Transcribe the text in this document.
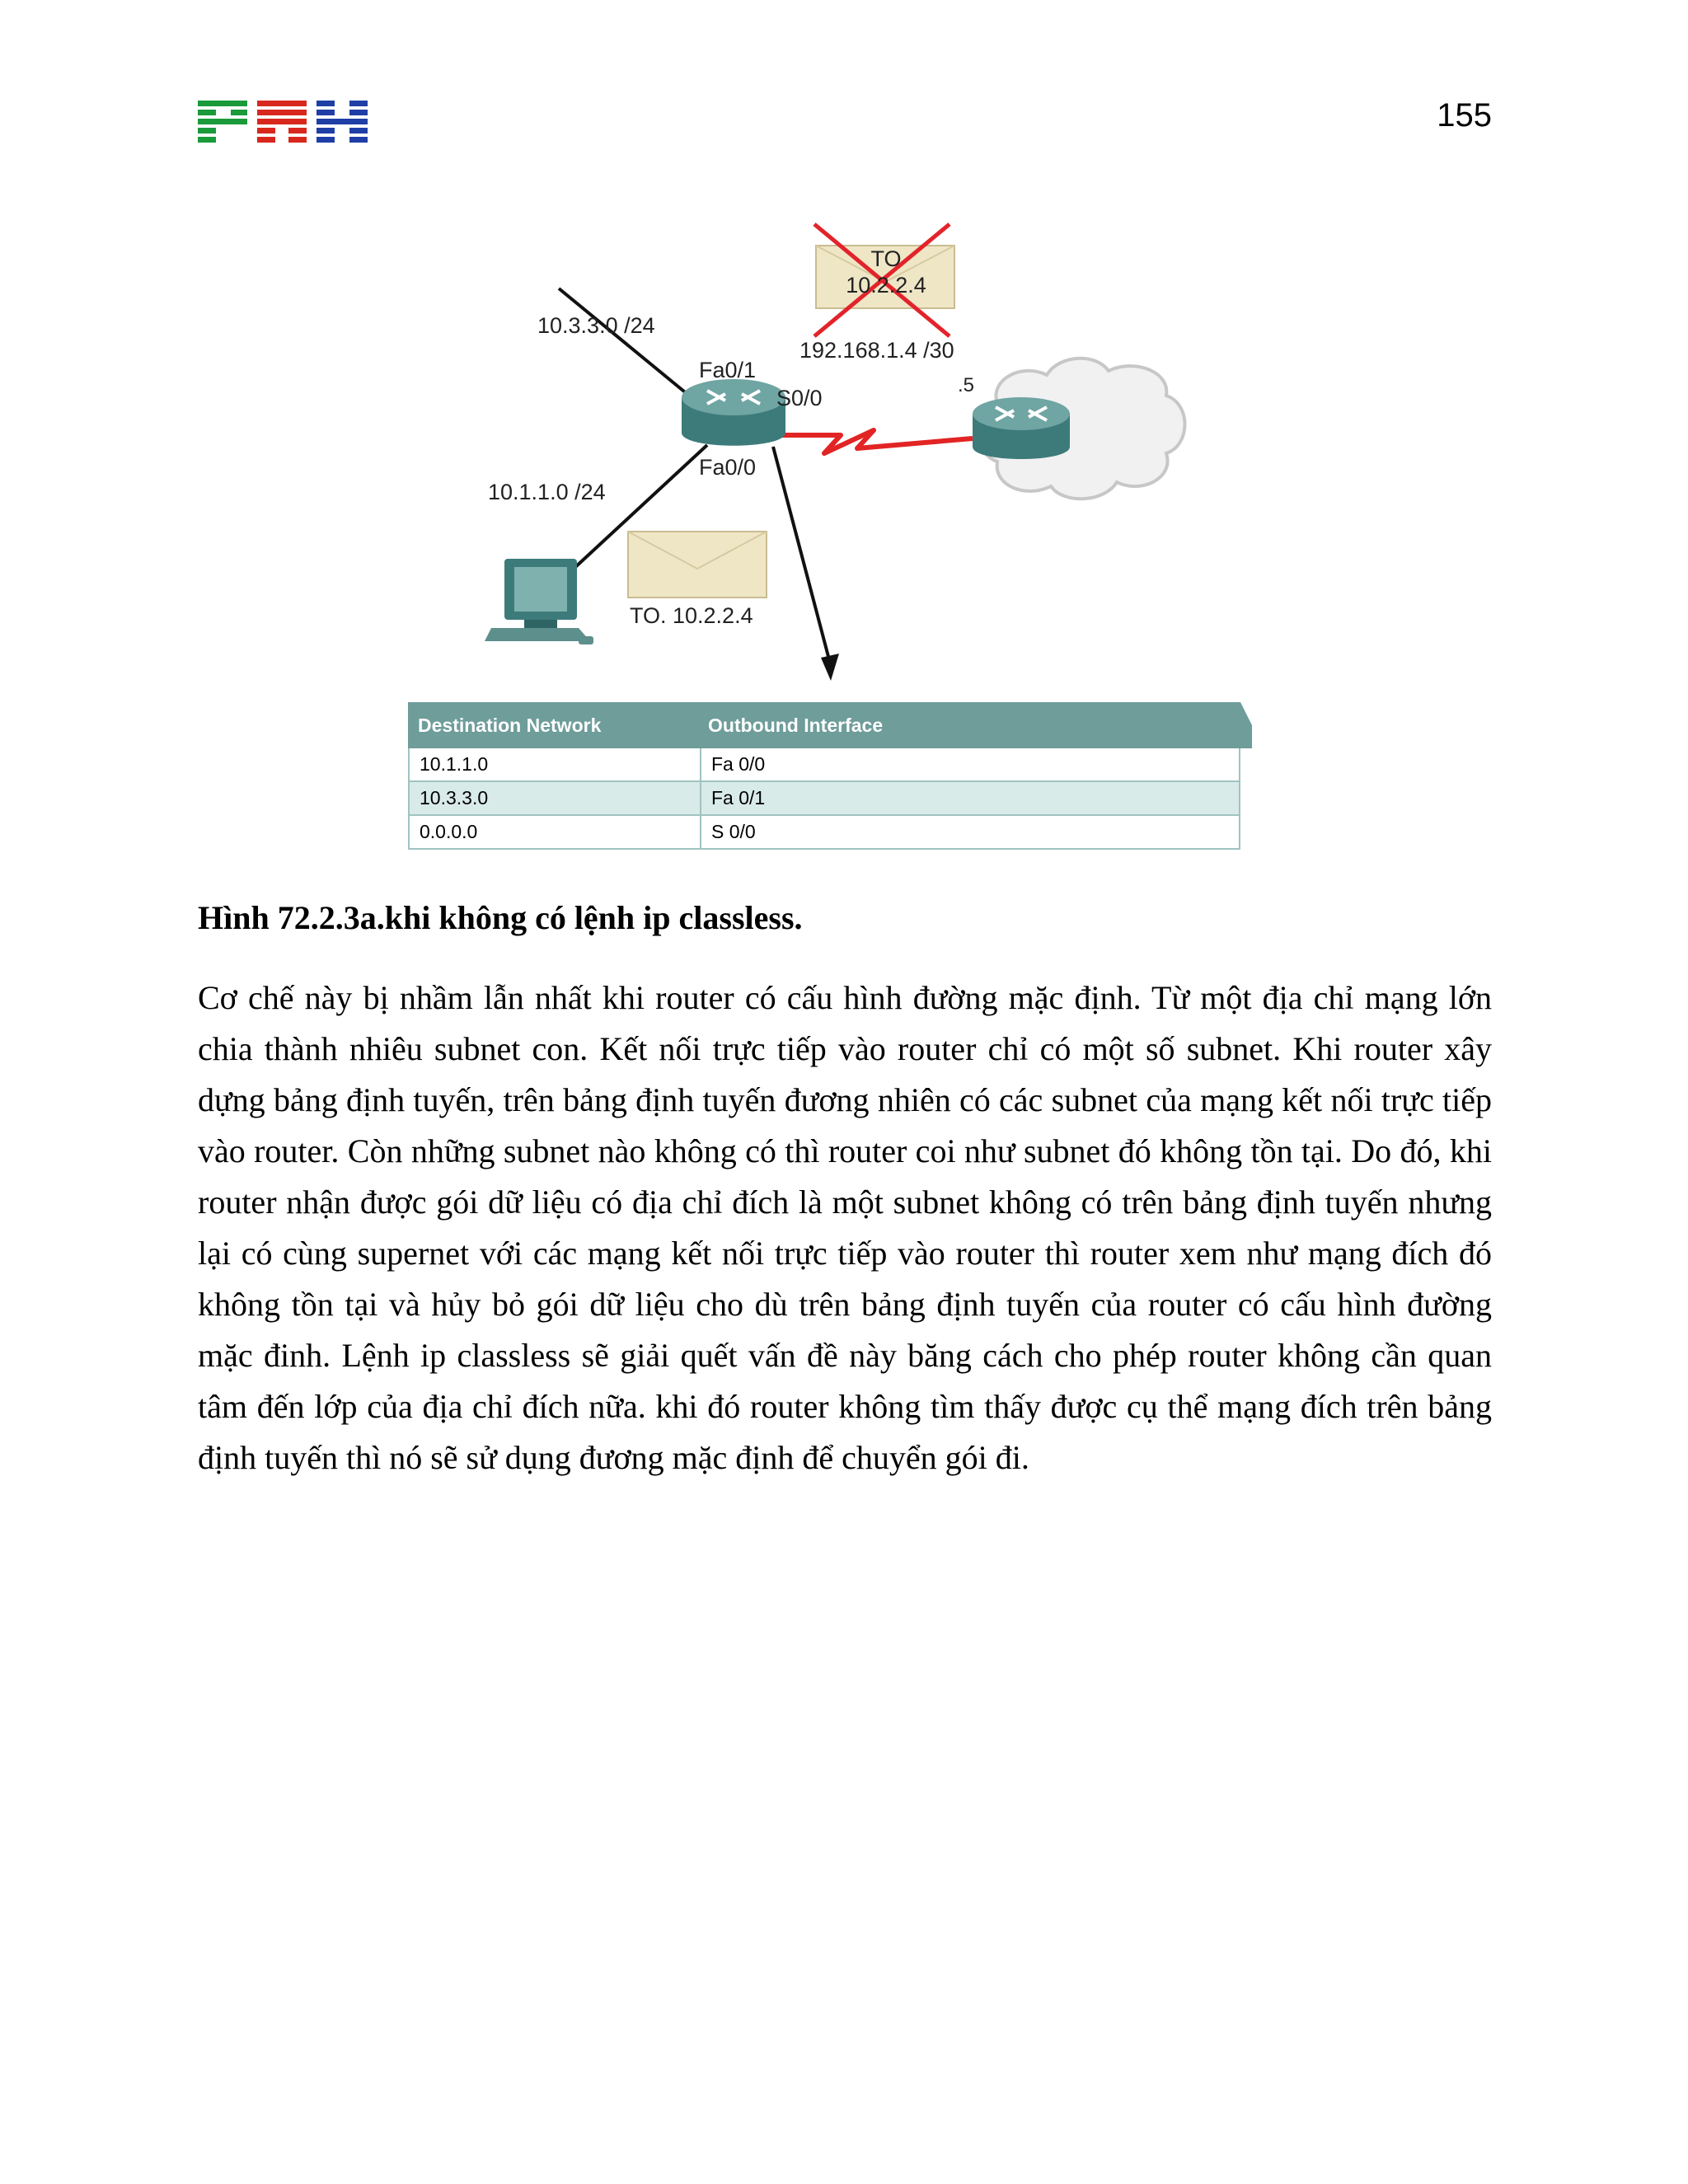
155
10.3.3.0 /24
Fa0/1
S0/0
Fa0/0
10.1.1.0 /24
192.168.1.4 /30
.5
TO
10.2.2.4
TO. 10.2.2.4
Destination Network	Outbound Interface
10.1.1.0	Fa 0/0
10.3.3.0	Fa 0/1
0.0.0.0	S 0/0
Hình 72.2.3a.khi không có lệnh ip classless.

Cơ chế này bị nhầm lẫn nhất khi router có cấu hình đường mặc định. Từ một địa chỉ mạng lớn chia thành nhiêu subnet con. Kết nối trực tiếp vào router chỉ có một số subnet. Khi router xây dựng bảng định tuyến, trên bảng định tuyến đương nhiên có các subnet của mạng kết nối trực tiếp vào router. Còn những subnet nào không có thì router coi như subnet đó không tồn tại. Do đó, khi router nhận được gói dữ liệu có địa chỉ đích là một subnet không có trên bảng định tuyến nhưng lại có cùng supernet với các mạng kết nối trực tiếp vào router thì router xem như mạng đích đó không tồn tại và hủy bỏ gói dữ liệu cho dù trên bảng định tuyến của router có cấu hình đường mặc đinh. Lệnh ip classless sẽ giải quết vấn đề này băng cách cho phép router không cần quan tâm đến lớp của địa chỉ đích nữa. khi đó router không tìm thấy được cụ thể mạng đích trên bảng định tuyến thì nó sẽ sử dụng đương mặc định để chuyển gói đi.
